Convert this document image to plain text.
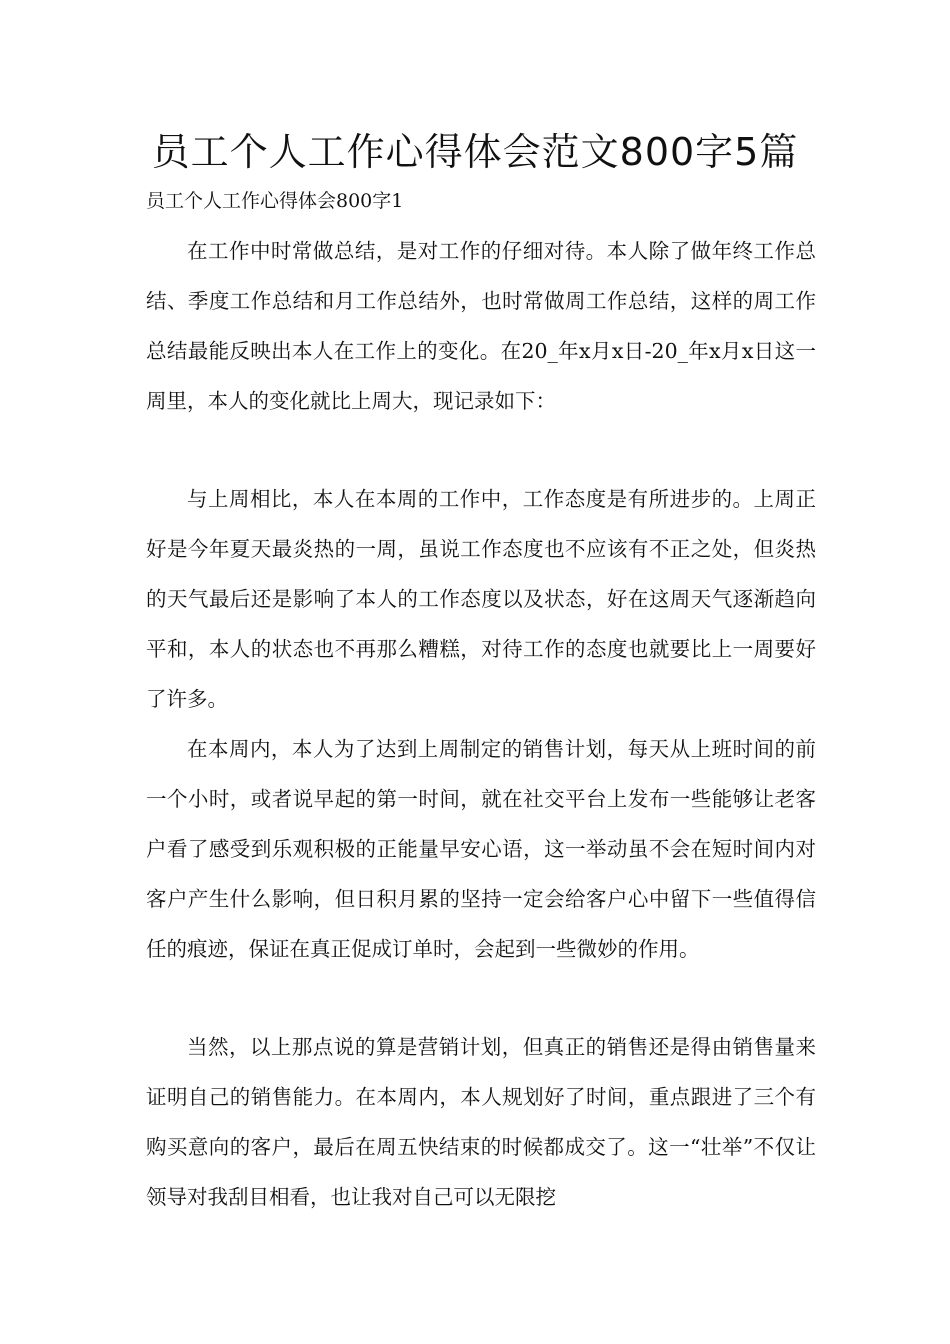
员工个人工作心得体会范文800字5篇

员工个人工作心得体会800字1

在工作中时常做总结，是对工作的仔细对待。本人除了做年终工作总结、季度工作总结和月工作总结外，也时常做周工作总结，这样的周工作总结最能反映出本人在工作上的变化。在20_年x月x日-20_年x月x日这一周里，本人的变化就比上周大，现记录如下：

与上周相比，本人在本周的工作中，工作态度是有所进步的。上周正好是今年夏天最炎热的一周，虽说工作态度也不应该有不正之处，但炎热的天气最后还是影响了本人的工作态度以及状态，好在这周天气逐渐趋向平和，本人的状态也不再那么糟糕，对待工作的态度也就要比上一周要好了许多。

在本周内，本人为了达到上周制定的销售计划，每天从上班时间的前一个小时，或者说早起的第一时间，就在社交平台上发布一些能够让老客户看了感受到乐观积极的正能量早安心语，这一举动虽不会在短时间内对客户产生什么影响，但日积月累的坚持一定会给客户心中留下一些值得信任的痕迹，保证在真正促成订单时，会起到一些微妙的作用。

当然，以上那点说的算是营销计划，但真正的销售还是得由销售量来证明自己的销售能力。在本周内，本人规划好了时间，重点跟进了三个有购买意向的客户，最后在周五快结束的时候都成交了。这一“壮举”不仅让领导对我刮目相看，也让我对自己可以无限挖
